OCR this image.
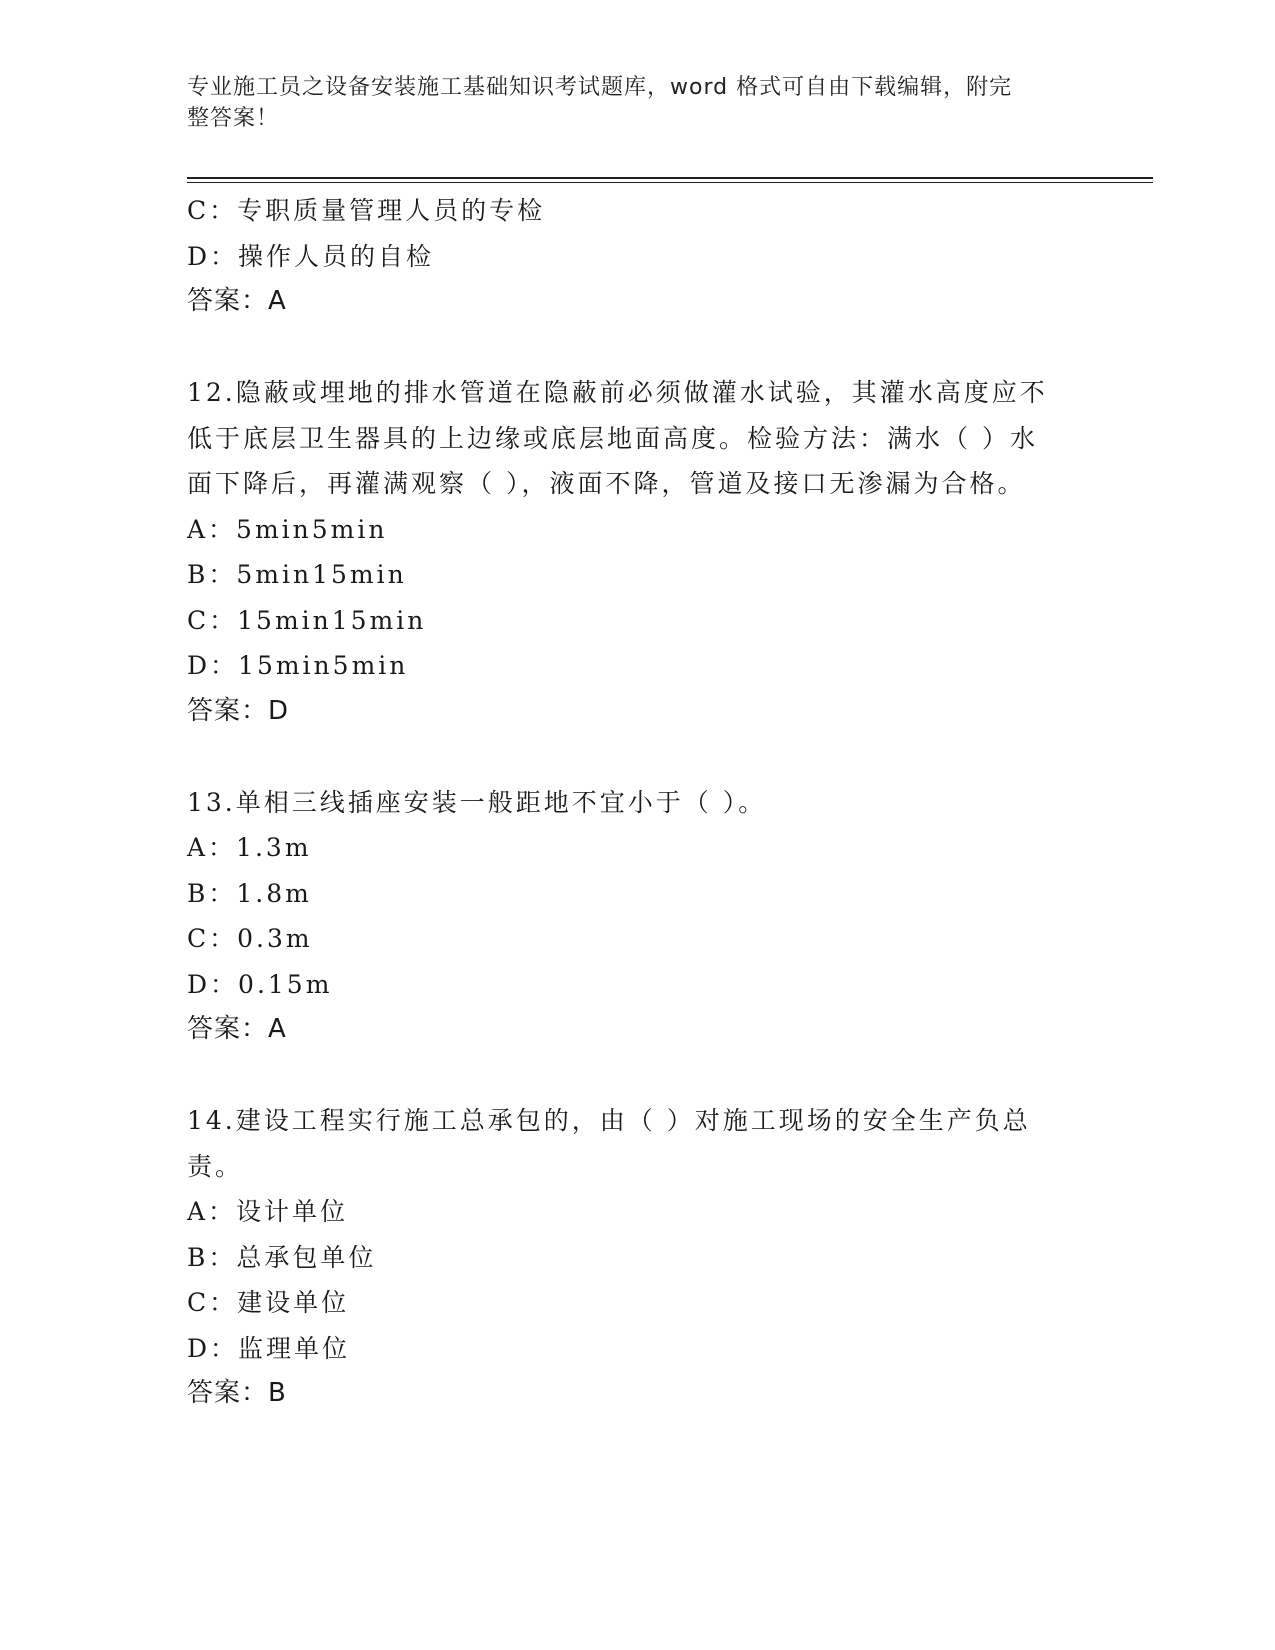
专业施工员之设备安装施工基础知识考试题库，word 格式可自由下载编辑，附完
整答案！
C：专职质量管理人员的专检
D：操作人员的自检
答案：A
12.隐蔽或埋地的排水管道在隐蔽前必须做灌水试验，其灌水高度应不
低于底层卫生器具的上边缘或底层地面高度。检验方法：满水（ ）水
面下降后，再灌满观察（ ），液面不降，管道及接口无渗漏为合格。
A：5min5min
B：5min15min
C：15min15min
D：15min5min
答案：D
13.单相三线插座安装一般距地不宜小于（ ）。
A：1.3m
B：1.8m
C：0.3m
D：0.15m
答案：A
14.建设工程实行施工总承包的，由（ ）对施工现场的安全生产负总
责。
A：设计单位
B：总承包单位
C：建设单位
D：监理单位
答案：B
